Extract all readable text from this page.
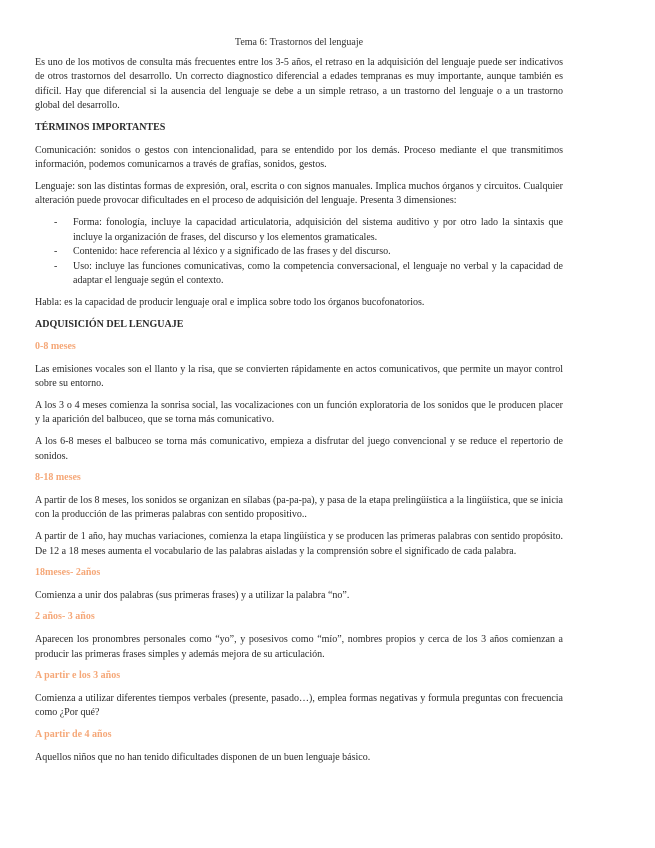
Tema 6: Trastornos del lenguaje

Es uno de los motivos de consulta más frecuentes entre los 3-5 años, el retraso en la adquisición del lenguaje puede ser indicativos de otros trastornos del desarrollo. Un correcto diagnostico diferencial a edades tempranas es muy importante, aunque también es difícil. Hay que diferencial si la ausencia del lenguaje se debe a un simple retraso, a un trastorno del lenguaje o a un trastorno global del desarrollo.

TÉRMINOS IMPORTANTES

Comunicación: sonidos o gestos con intencionalidad, para se entendido por los demás. Proceso mediante el que transmitimos información, podemos comunicarnos a través de grafías, sonidos, gestos.

Lenguaje: son las distintas formas de expresión, oral, escrita o con signos manuales. Implica muchos órganos y circuitos. Cualquier alteración puede provocar dificultades en el proceso de adquisición del lenguaje. Presenta 3 dimensiones:

- Forma: fonología, incluye la capacidad articulatoria, adquisición del sistema auditivo y por otro lado la sintaxis que incluye la organización de frases, del discurso y los elementos gramaticales.
- Contenido: hace referencia al léxico y a significado de las frases y del discurso.
- Uso: incluye las funciones comunicativas, como la competencia conversacional, el lenguaje no verbal y la capacidad de adaptar el lenguaje según el contexto.

Habla: es la capacidad de producir lenguaje oral e implica sobre todo los órganos bucofonatorios.

ADQUISICIÓN DEL LENGUAJE
0-8 meses

Las emisiones vocales son el llanto y la risa, que se convierten rápidamente en actos comunicativos, que permite un mayor control sobre su entorno.

A los 3 o 4 meses comienza la sonrisa social, las vocalizaciones con un función exploratoria de los sonidos que le producen placer y la aparición del balbuceo, que se torna más comunicativo.

A los 6-8 meses el balbuceo se torna más comunicativo, empieza a disfrutar del juego convencional y se reduce el repertorio de sonidos.

8-18 meses

A partir de los 8 meses, los sonidos se organizan en sílabas (pa-pa-pa), y pasa de la etapa prelingüística a la lingüística, que se inicia con la producción de las primeras palabras con sentido propositivo..

A partir de 1 año, hay muchas variaciones, comienza la etapa lingüística y se producen las primeras palabras con sentido propósito. De 12 a 18 meses aumenta el vocabulario de las palabras aisladas y la comprensión sobre el significado de cada palabra.

18meses- 2años

Comienza a unir dos palabras (sus primeras frases) y a utilizar la palabra “no”.

2 años- 3 años

Aparecen los pronombres personales como “yo”, y posesivos como “mío”, nombres propios y cerca de los 3 años comienzan a producir las primeras frases simples y además mejora de su articulación.

A partir e los 3 años

Comienza a utilizar diferentes tiempos verbales (presente, pasado…), emplea formas negativas y formula preguntas con frecuencia como ¿Por qué?

A partir de 4 años

Aquellos niños que no han tenido dificultades disponen de un buen lenguaje básico.
